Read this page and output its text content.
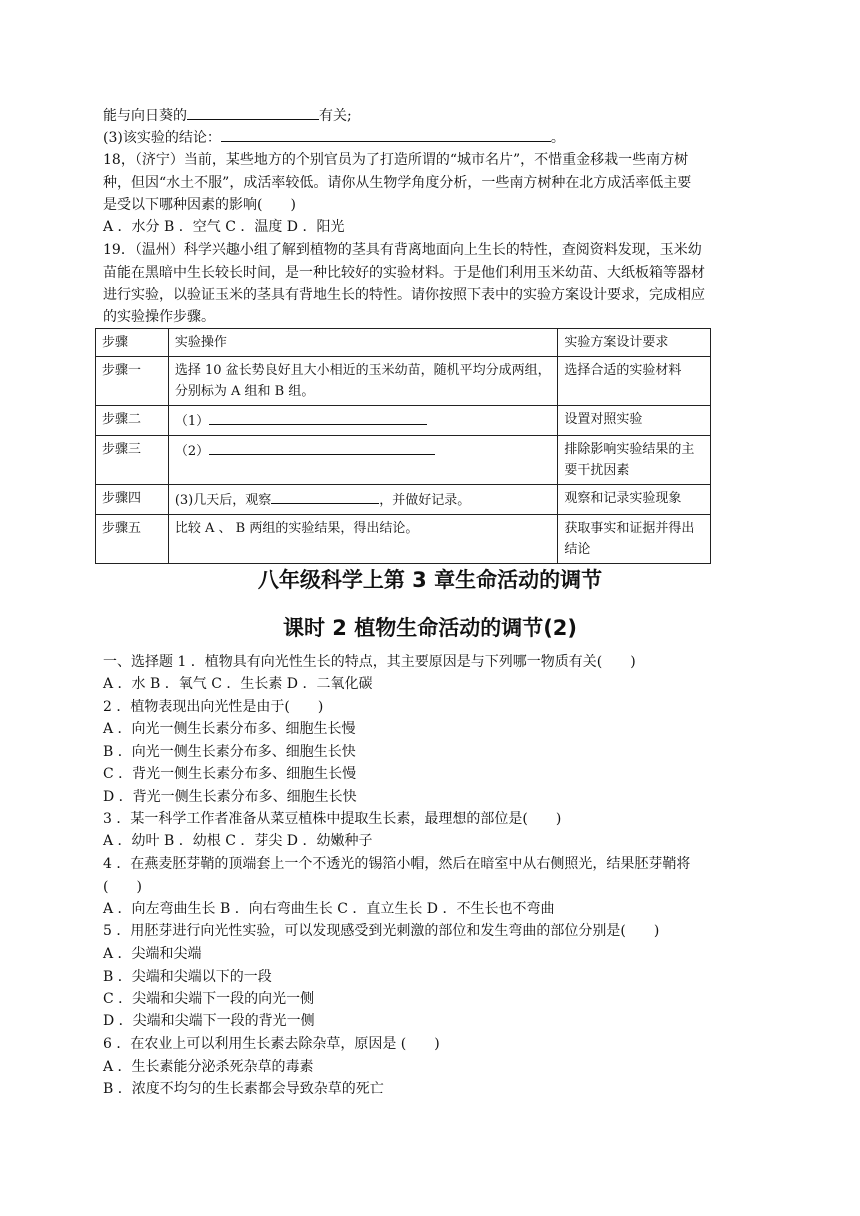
能与向日葵的	有关;
(3)该实验的结论：	。
18，（济宁）当前，某些地方的个别官员为了打造所谓的“城市名片”，不惜重金移栽一些南方树
种，但因“水土不服”，成活率较低。请你从生物学角度分析，一些南方树种在北方成活率低主要
是受以下哪种因素的影响(　　)
A ．水分 B ．空气 C ．温度 D ．阳光
19．（温州）科学兴趣小组了解到植物的茎具有背离地面向上生长的特性，查阅资料发现，玉米幼
苗能在黑暗中生长较长时间，是一种比较好的实验材料。于是他们利用玉米幼苗、大纸板箱等器材
进行实验，以验证玉米的茎具有背地生长的特性。请你按照下表中的实验方案设计要求，完成相应
的实验操作步骤。
步骤	实验操作	实验方案设计要求
步骤一	选择 10 盆长势良好且大小相近的玉米幼苗，随机平均分成两组，分别标为 A 组和 B 组。	选择合适的实验材料
步骤二	（1）	设置对照实验
步骤三	（2）	排除影响实验结果的主要干扰因素
步骤四	(3)几天后，观察 ，并做好记录。	观察和记录实验现象
步骤五	比较 A 、 B 两组的实验结果，得出结论。	获取事实和证据并得出结论
八年级科学上第 3 章生命活动的调节
课时 2 植物生命活动的调节(2)
一、选择题 1 ．植物具有向光性生长的特点，其主要原因是与下列哪一物质有关(　　)
A ．水 B ．氧气 C ．生长素 D ．二氧化碳
2 ．植物表现出向光性是由于(　　)
A ．向光一侧生长素分布多、细胞生长慢
B ．向光一侧生长素分布多、细胞生长快
C ．背光一侧生长素分布多、细胞生长慢
D ．背光一侧生长素分布多、细胞生长快
3 ．某一科学工作者准备从菜豆植株中提取生长素，最理想的部位是(　　)
A ．幼叶 B ．幼根 C ．芽尖 D ．幼嫩种子
4 ．在燕麦胚芽鞘的顶端套上一个不透光的锡箔小帽，然后在暗室中从右侧照光，结果胚芽鞘将
(　　)
A ．向左弯曲生长 B ．向右弯曲生长 C ．直立生长 D ．不生长也不弯曲
5 ．用胚芽进行向光性实验，可以发现感受到光刺激的部位和发生弯曲的部位分别是(　　)
A ．尖端和尖端
B ．尖端和尖端以下的一段
C ．尖端和尖端下一段的向光一侧
D ．尖端和尖端下一段的背光一侧
6 ．在农业上可以利用生长素去除杂草，原因是 (　　)
A ．生长素能分泌杀死杂草的毒素
B ．浓度不均匀的生长素都会导致杂草的死亡
